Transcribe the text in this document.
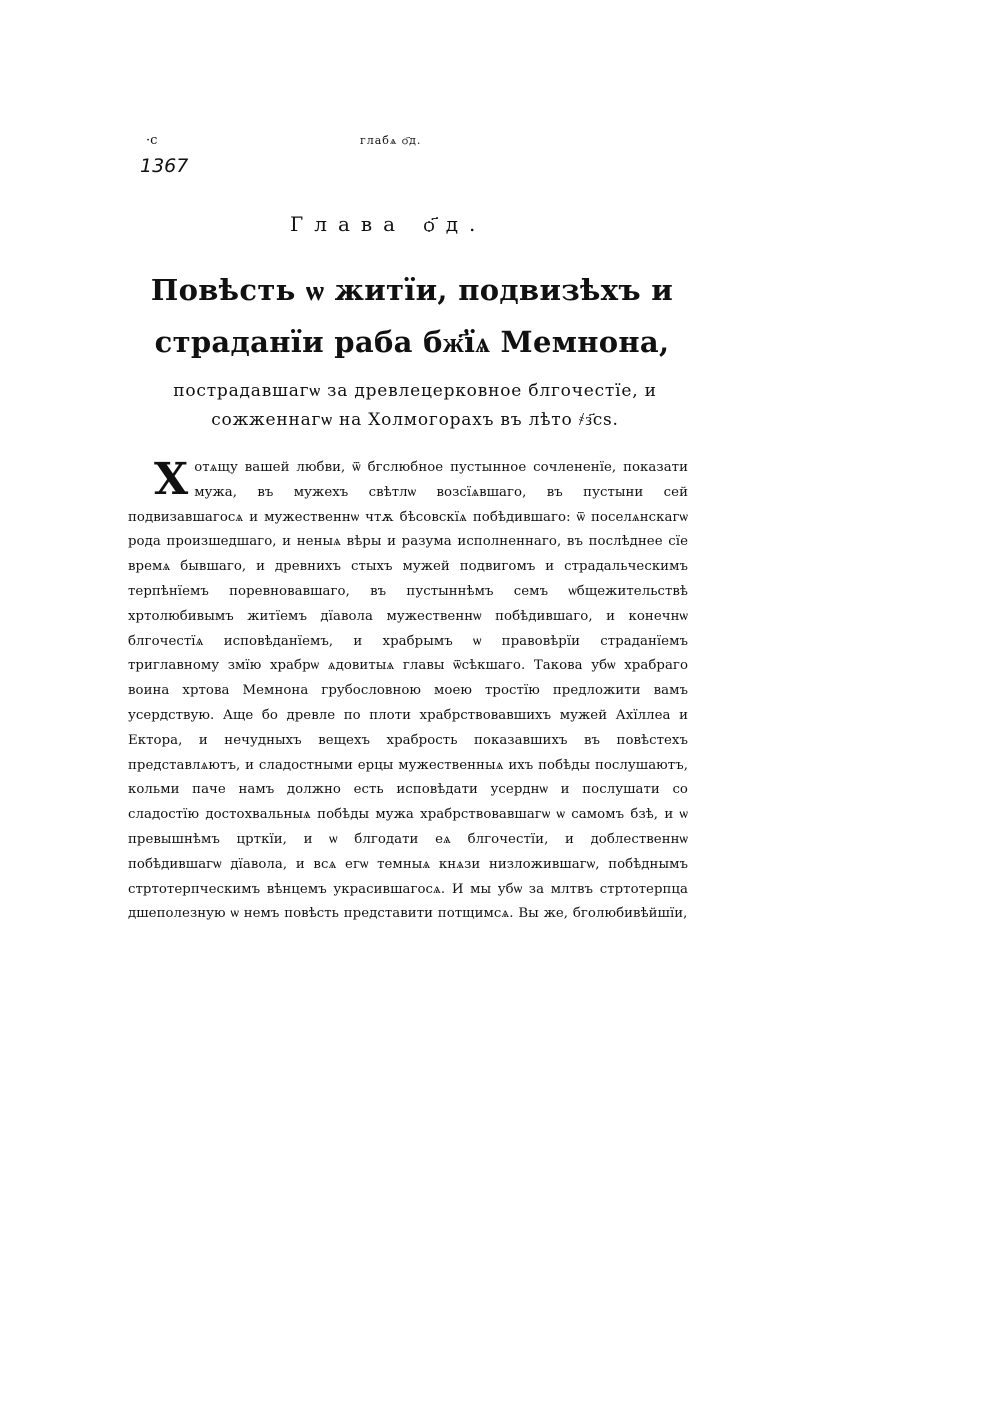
·с
1367
глабѧ ѻ҃д.
Глава ѻ҃д.
Повѣсть ѡ житїи, подвизѣхъ и страданїи раба бж҃їѧ Мемнона,
пострадавшагѡ за древлецерковное блгочестїе, и сожженнагѡ на Холмогорахъ въ лѣто ҂з҃сѕ.
Хотѧщу вашей любви, ѿ бгслюбное пустынное сочлененїе, показати мужа, въ мужехъ свѣтлѡ возсїѧвшаго, въ пустыни сей подвизавшагосѧ и мужественнѡ чтѫ бѣсовскїѧ побѣдившаго: ѿ поселѧнскагѡ рода произшедшаго, и неныѧ вѣры и разума исполненнаго, въ послѣднее сїе времѧ бывшаго, и древнихъ стыхъ мужей подвигомъ и страдальческимъ терпѣнїемъ поревновавшаго, въ пустыннѣмъ семъ ѡбщежительствѣ хртолюбивымъ житїемъ дїавола мужественнѡ побѣдившаго, и конечнѡ блгочестїѧ исповѣданїемъ, и храбрымъ ѡ правовѣрїи страданїемъ триглавному змїю храбрѡ ѧдовитыѧ главы ѿсѣкшаго. Такова убѡ храбраго воина хртова Мемнона грубословною моею тростїю предложити вамъ усердствую. Аще бо древле по плоти храбрствовавшихъ мужей Ахїллеа и Ектора, и нечудныхъ вещехъ храбрость показавшихъ въ повѣстехъ представлѧютъ, и сладостными ерцы мужественныѧ ихъ побѣды послушаютъ, кольми паче намъ должно есть исповѣдати усерднѡ и послушати со сладостїю достохвальныѧ побѣды мужа храбрствовавшагѡ ѡ самомъ бзѣ, и ѡ превышнѣмъ црткїи, и ѡ блгодати еѧ блгочестїи, и доблественнѡ побѣдившагѡ дїавола, и всѧ егѡ темныѧ кнѧзи низложившагѡ, побѣднымъ стртотерпческимъ вѣнцемъ украсившагосѧ. И мы убѡ за млтвъ стртотерпца дшеполезную ѡ немъ повѣсть представити потщимсѧ. Вы же, бголюбивѣйшїи,
